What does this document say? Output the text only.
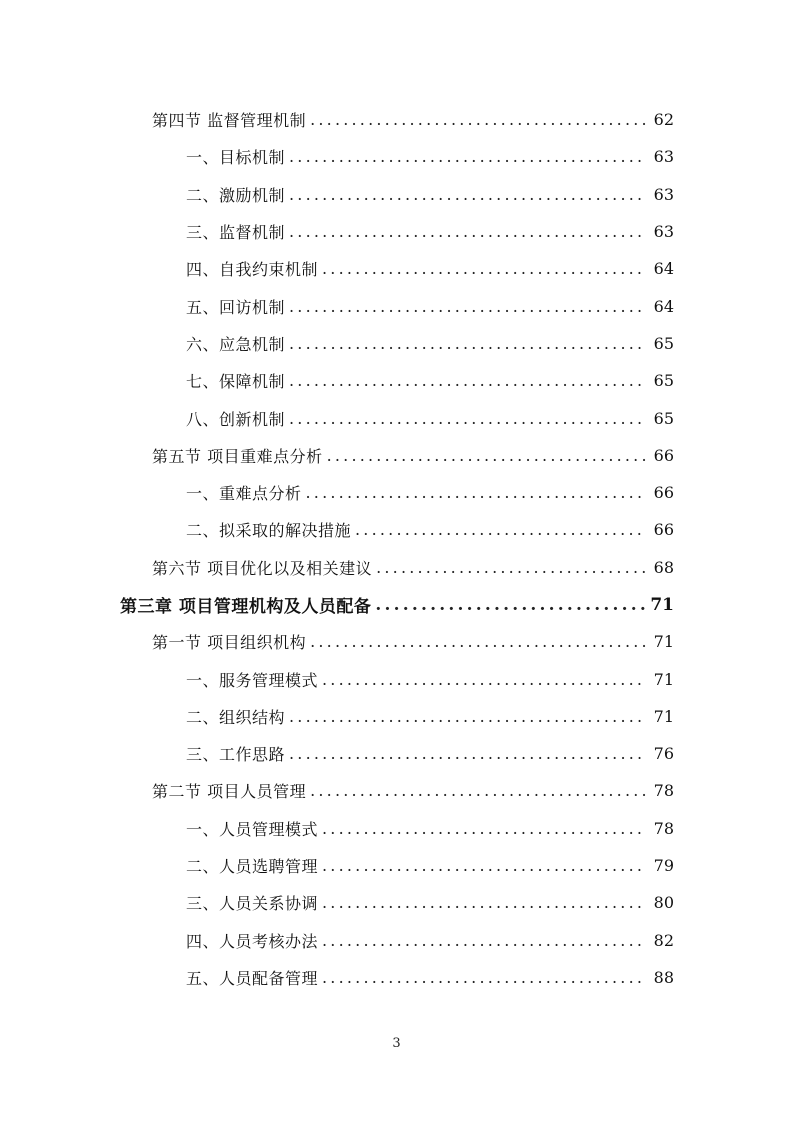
第四节 监督管理机制 .....	62
一、目标机制 .....	63
二、激励机制 .....	63
三、监督机制 .....	63
四、自我约束机制 .....	64
五、回访机制 .....	64
六、应急机制 .....	65
七、保障机制 .....	65
八、创新机制 .....	65
第五节 项目重难点分析 .....	66
一、重难点分析 .....	66
二、拟采取的解决措施 .....	66
第六节 项目优化以及相关建议 .....	68
第三章 项目管理机构及人员配备 .....	71
第一节 项目组织机构 .....	71
一、服务管理模式 .....	71
二、组织结构 .....	71
三、工作思路 .....	76
第二节 项目人员管理 .....	78
一、人员管理模式 .....	78
二、人员选聘管理 .....	79
三、人员关系协调 .....	80
四、人员考核办法 .....	82
五、人员配备管理 .....	88
3
